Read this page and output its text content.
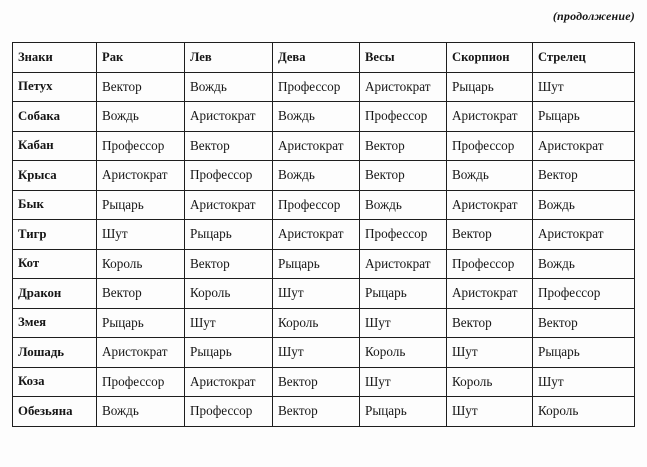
(продолжение)
Знаки	Рак	Лев	Дева	Весы	Скорпион	Стрелец
Петух	Вектор	Вождь	Профессор	Аристократ	Рыцарь	Шут
Собака	Вождь	Аристократ	Вождь	Профессор	Аристократ	Рыцарь
Кабан	Профессор	Вектор	Аристократ	Вектор	Профессор	Аристократ
Крыса	Аристократ	Профессор	Вождь	Вектор	Вождь	Вектор
Бык	Рыцарь	Аристократ	Профессор	Вождь	Аристократ	Вождь
Тигр	Шут	Рыцарь	Аристократ	Профессор	Вектор	Аристократ
Кот	Король	Вектор	Рыцарь	Аристократ	Профессор	Вождь
Дракон	Вектор	Король	Шут	Рыцарь	Аристократ	Профессор
Змея	Рыцарь	Шут	Король	Шут	Вектор	Вектор
Лошадь	Аристократ	Рыцарь	Шут	Король	Шут	Рыцарь
Коза	Профессор	Аристократ	Вектор	Шут	Король	Шут
Обезьяна	Вождь	Профессор	Вектор	Рыцарь	Шут	Король
